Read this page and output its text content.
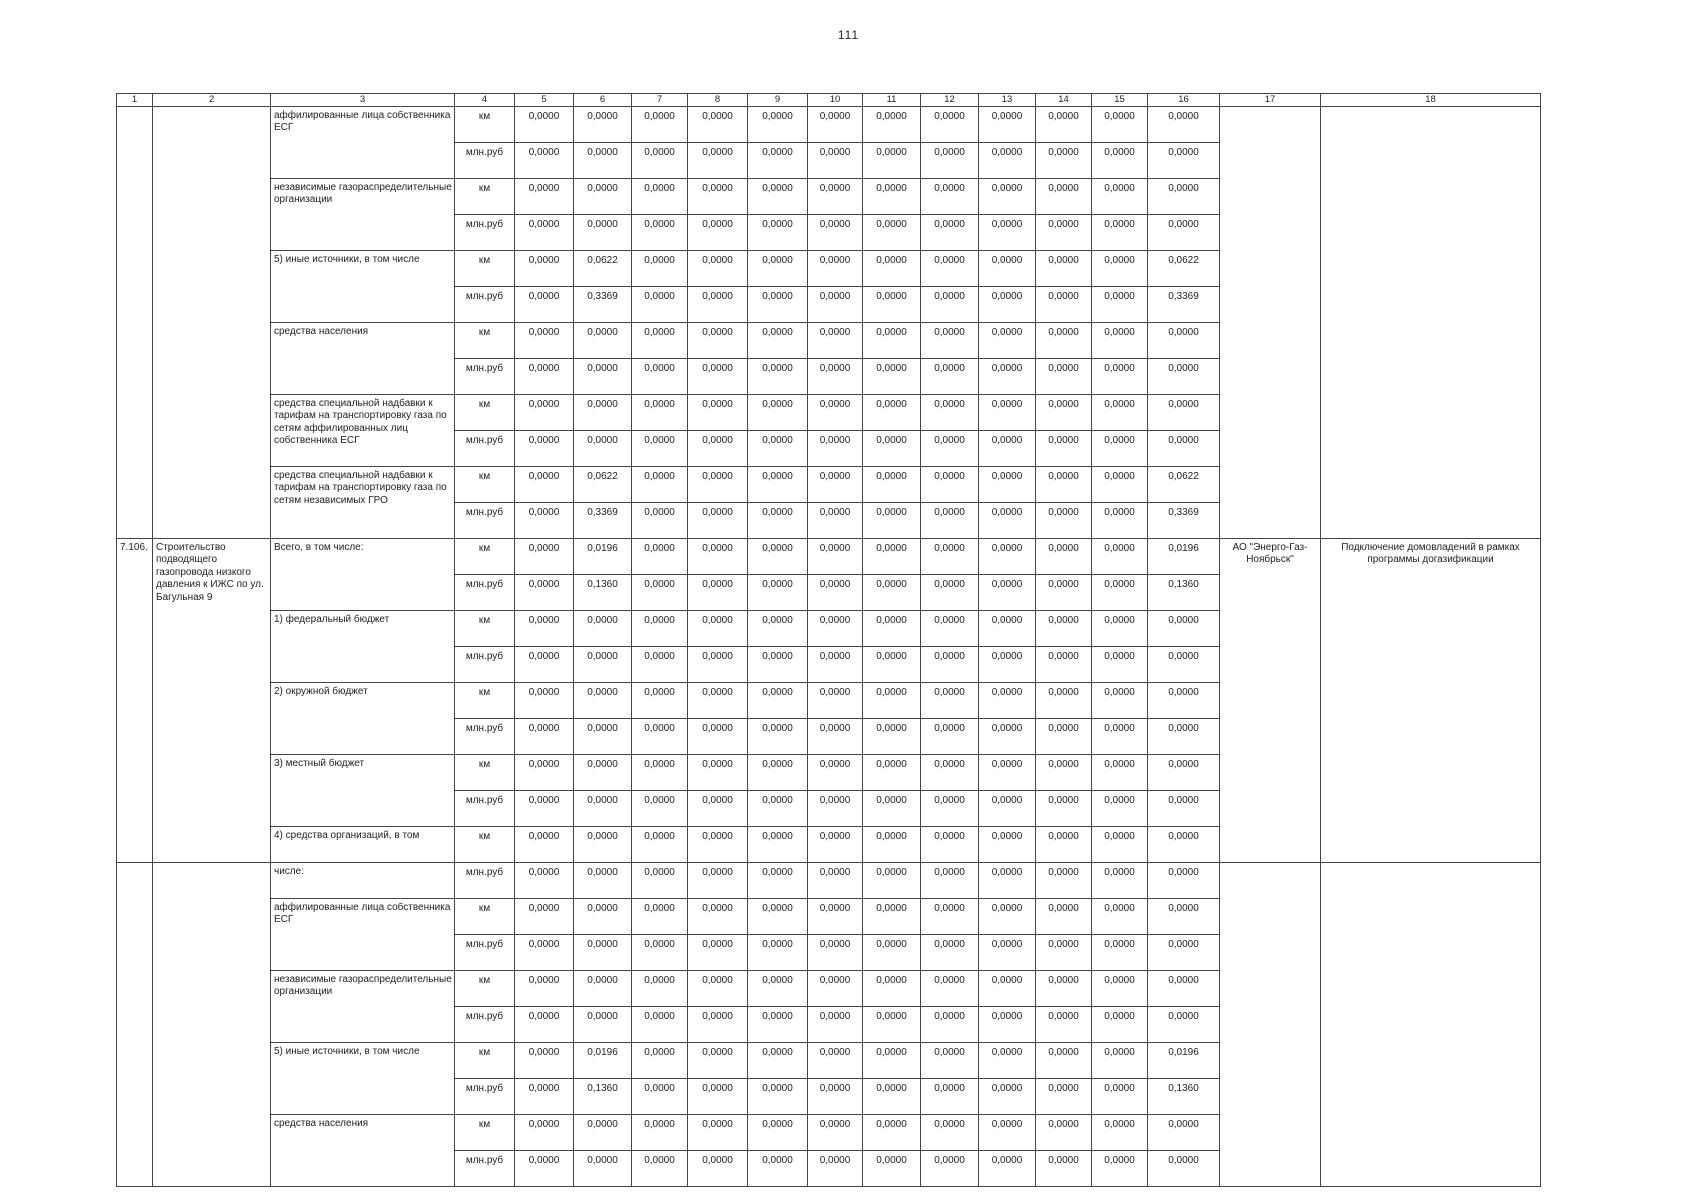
111
1	2	3	4	5	6	7	8	9	10	11	12	13	14	15	16	17	18
		аффилированные лица собственника ЕСГ	км	0,0000	0,0000	0,0000	0,0000	0,0000	0,0000	0,0000	0,0000	0,0000	0,0000	0,0000	0,0000		
			млн.руб	0,0000	0,0000	0,0000	0,0000	0,0000	0,0000	0,0000	0,0000	0,0000	0,0000	0,0000	0,0000		
		независимые газораспределительные организации	км	0,0000	0,0000	0,0000	0,0000	0,0000	0,0000	0,0000	0,0000	0,0000	0,0000	0,0000	0,0000		
			млн.руб	0,0000	0,0000	0,0000	0,0000	0,0000	0,0000	0,0000	0,0000	0,0000	0,0000	0,0000	0,0000		
		5) иные источники, в том числе	км	0,0000	0,0622	0,0000	0,0000	0,0000	0,0000	0,0000	0,0000	0,0000	0,0000	0,0000	0,0622		
			млн.руб	0,0000	0,3369	0,0000	0,0000	0,0000	0,0000	0,0000	0,0000	0,0000	0,0000	0,0000	0,3369		
		средства населения	км	0,0000	0,0000	0,0000	0,0000	0,0000	0,0000	0,0000	0,0000	0,0000	0,0000	0,0000	0,0000		
			млн.руб	0,0000	0,0000	0,0000	0,0000	0,0000	0,0000	0,0000	0,0000	0,0000	0,0000	0,0000	0,0000		
		средства специальной надбавки к тарифам на транспортировку газа по сетям аффилированных лиц собственника ЕСГ	км	0,0000	0,0000	0,0000	0,0000	0,0000	0,0000	0,0000	0,0000	0,0000	0,0000	0,0000	0,0000		
			млн.руб	0,0000	0,0000	0,0000	0,0000	0,0000	0,0000	0,0000	0,0000	0,0000	0,0000	0,0000	0,0000		
		средства специальной надбавки к тарифам на транспортировку газа по сетям независимых ГРО	км	0,0000	0,0622	0,0000	0,0000	0,0000	0,0000	0,0000	0,0000	0,0000	0,0000	0,0000	0,0622		
			млн.руб	0,0000	0,3369	0,0000	0,0000	0,0000	0,0000	0,0000	0,0000	0,0000	0,0000	0,0000	0,3369		
7.106.	Строительство подводящего газопровода низкого давления к ИЖС по ул. Багульная 9	Всего, в том числе:	км	0,0000	0,0196	0,0000	0,0000	0,0000	0,0000	0,0000	0,0000	0,0000	0,0000	0,0000	0,0196	АО "Энерго-Газ-Ноябрьск"	Подключение домовладений в рамках программы догазификации
			млн.руб	0,0000	0,1360	0,0000	0,0000	0,0000	0,0000	0,0000	0,0000	0,0000	0,0000	0,0000	0,1360		
		1) федеральный бюджет	км	0,0000	0,0000	0,0000	0,0000	0,0000	0,0000	0,0000	0,0000	0,0000	0,0000	0,0000	0,0000		
			млн.руб	0,0000	0,0000	0,0000	0,0000	0,0000	0,0000	0,0000	0,0000	0,0000	0,0000	0,0000	0,0000		
		2) окружной бюджет	км	0,0000	0,0000	0,0000	0,0000	0,0000	0,0000	0,0000	0,0000	0,0000	0,0000	0,0000	0,0000		
			млн.руб	0,0000	0,0000	0,0000	0,0000	0,0000	0,0000	0,0000	0,0000	0,0000	0,0000	0,0000	0,0000		
		3) местный бюджет	км	0,0000	0,0000	0,0000	0,0000	0,0000	0,0000	0,0000	0,0000	0,0000	0,0000	0,0000	0,0000		
			млн.руб	0,0000	0,0000	0,0000	0,0000	0,0000	0,0000	0,0000	0,0000	0,0000	0,0000	0,0000	0,0000		
		4) средства организаций, в том	км	0,0000	0,0000	0,0000	0,0000	0,0000	0,0000	0,0000	0,0000	0,0000	0,0000	0,0000	0,0000		
		числе:	млн.руб	0,0000	0,0000	0,0000	0,0000	0,0000	0,0000	0,0000	0,0000	0,0000	0,0000	0,0000	0,0000		
		аффилированные лица собственника ЕСГ	км	0,0000	0,0000	0,0000	0,0000	0,0000	0,0000	0,0000	0,0000	0,0000	0,0000	0,0000	0,0000		
			млн.руб	0,0000	0,0000	0,0000	0,0000	0,0000	0,0000	0,0000	0,0000	0,0000	0,0000	0,0000	0,0000		
		независимые газораспределительные организации	км	0,0000	0,0000	0,0000	0,0000	0,0000	0,0000	0,0000	0,0000	0,0000	0,0000	0,0000	0,0000		
			млн.руб	0,0000	0,0000	0,0000	0,0000	0,0000	0,0000	0,0000	0,0000	0,0000	0,0000	0,0000	0,0000		
		5) иные источники, в том числе	км	0,0000	0,0196	0,0000	0,0000	0,0000	0,0000	0,0000	0,0000	0,0000	0,0000	0,0000	0,0196		
			млн.руб	0,0000	0,1360	0,0000	0,0000	0,0000	0,0000	0,0000	0,0000	0,0000	0,0000	0,0000	0,1360		
		средства населения	км	0,0000	0,0000	0,0000	0,0000	0,0000	0,0000	0,0000	0,0000	0,0000	0,0000	0,0000	0,0000		
			млн.руб	0,0000	0,0000	0,0000	0,0000	0,0000	0,0000	0,0000	0,0000	0,0000	0,0000	0,0000	0,0000		
